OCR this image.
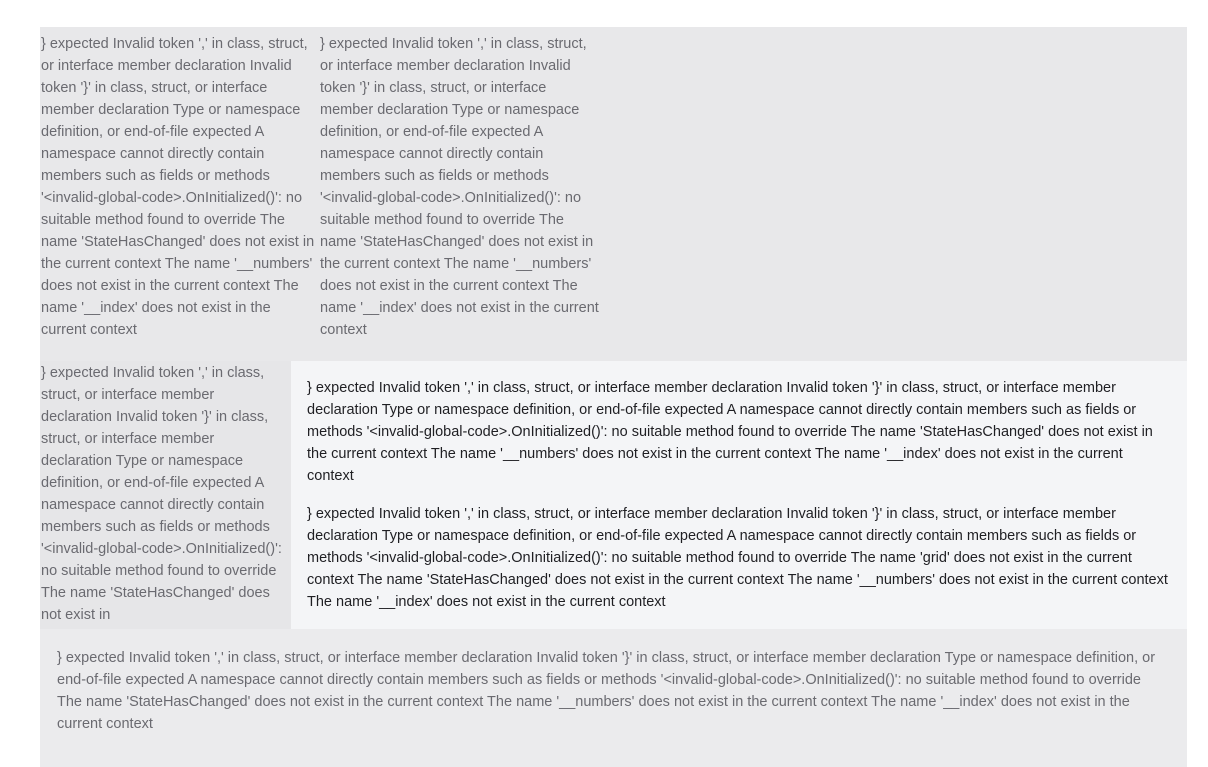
} expected Invalid token ',' in class, struct, or interface member declaration Invalid token '}' in class, struct, or interface member declaration Type or namespace definition, or end-of-file expected A namespace cannot directly contain members such as fields or methods '<invalid-global-code>.OnInitialized()': no suitable method found to override The name 'StateHasChanged' does not exist in the current context The name '__numbers' does not exist in the current context The name '__index' does not exist in the current context

} expected Invalid token ',' in class, struct, or interface member declaration Invalid token '}' in class, struct, or interface member declaration Type or namespace definition, or end-of-file expected A namespace cannot directly contain members such as fields or methods '<invalid-global-code>.OnInitialized()': no suitable method found to override The name 'StateHasChanged' does not exist in the current context The name '__numbers' does not exist in the current context The name '__index' does not exist in the current context

} expected Invalid token ',' in class, struct, or interface member declaration Invalid token '}' in class, struct, or interface member declaration Type or namespace definition, or end-of-file expected A namespace cannot directly contain members such as fields or methods '<invalid-global-code>.OnInitialized()': no suitable method found to override The name 'StateHasChanged' does not exist in

} expected Invalid token ',' in class, struct, or interface member declaration Invalid token '}' in class, struct, or interface member declaration Type or namespace definition, or end-of-file expected A namespace cannot directly contain members such as fields or methods '<invalid-global-code>.OnInitialized()': no suitable method found to override The name 'StateHasChanged' does not exist in the current context The name '__numbers' does not exist in the current context The name '__index' does not exist in the current context

} expected Invalid token ',' in class, struct, or interface member declaration Invalid token '}' in class, struct, or interface member declaration Type or namespace definition, or end-of-file expected A namespace cannot directly contain members such as fields or methods '<invalid-global-code>.OnInitialized()': no suitable method found to override The name 'grid' does not exist in the current context The name 'StateHasChanged' does not exist in the current context The name '__numbers' does not exist in the current context The name '__index' does not exist in the current context

} expected Invalid token ',' in class, struct, or interface member declaration Invalid token '}' in class, struct, or interface member declaration Type or namespace definition, or end-of-file expected A namespace cannot directly contain members such as fields or methods '<invalid-global-code>.OnInitialized()': no suitable method found to override The name 'StateHasChanged' does not exist in the current context The name '__numbers' does not exist in the current context The name '__index' does not exist in the current context
